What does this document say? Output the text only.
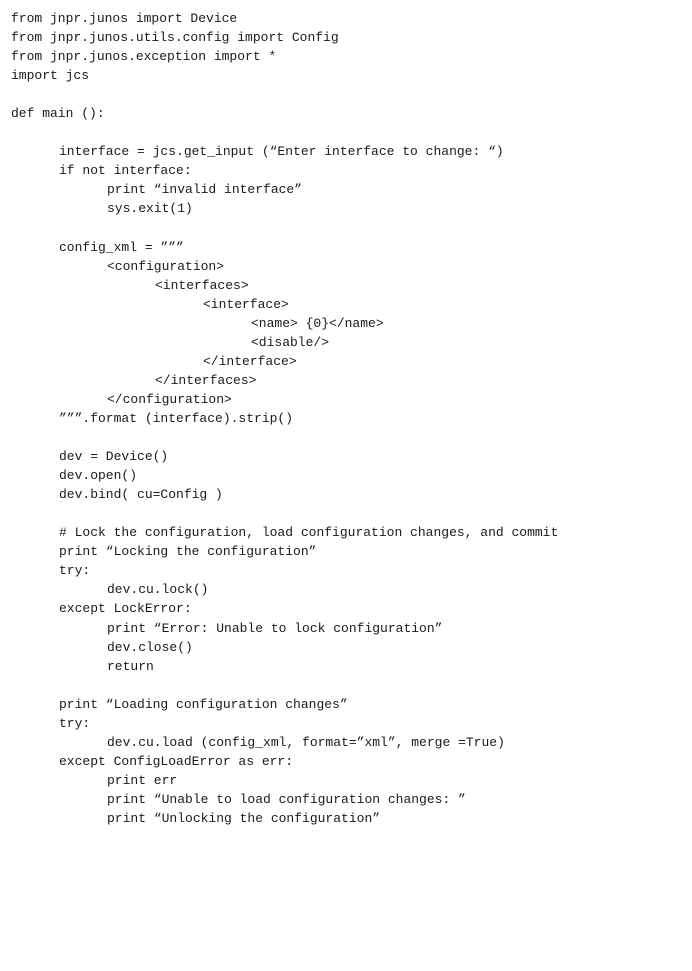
from jnpr.junos import Device
from jnpr.junos.utils.config import Config
from jnpr.junos.exception import *
import jcs
def main ():
interface = jcs.get_input (“Enter interface to change: “)
if not interface:
print “invalid interface”
sys.exit(1)
config_xml = ”””
<configuration>
<interfaces>
<interface>
<name> {0}</name>
<disable/>
</interface>
</interfaces>
</configuration>
”””.format (interface).strip()
dev = Device()
dev.open()
dev.bind( cu=Config )
# Lock the configuration, load configuration changes, and commit
print “Locking the configuration”
try:
dev.cu.lock()
except LockError:
print “Error: Unable to lock configuration”
dev.close()
return
print “Loading configuration changes”
try:
dev.cu.load (config_xml, format=”xml”, merge =True)
except ConfigLoadError as err:
print err
print “Unable to load configuration changes: ”
print “Unlocking the configuration”
